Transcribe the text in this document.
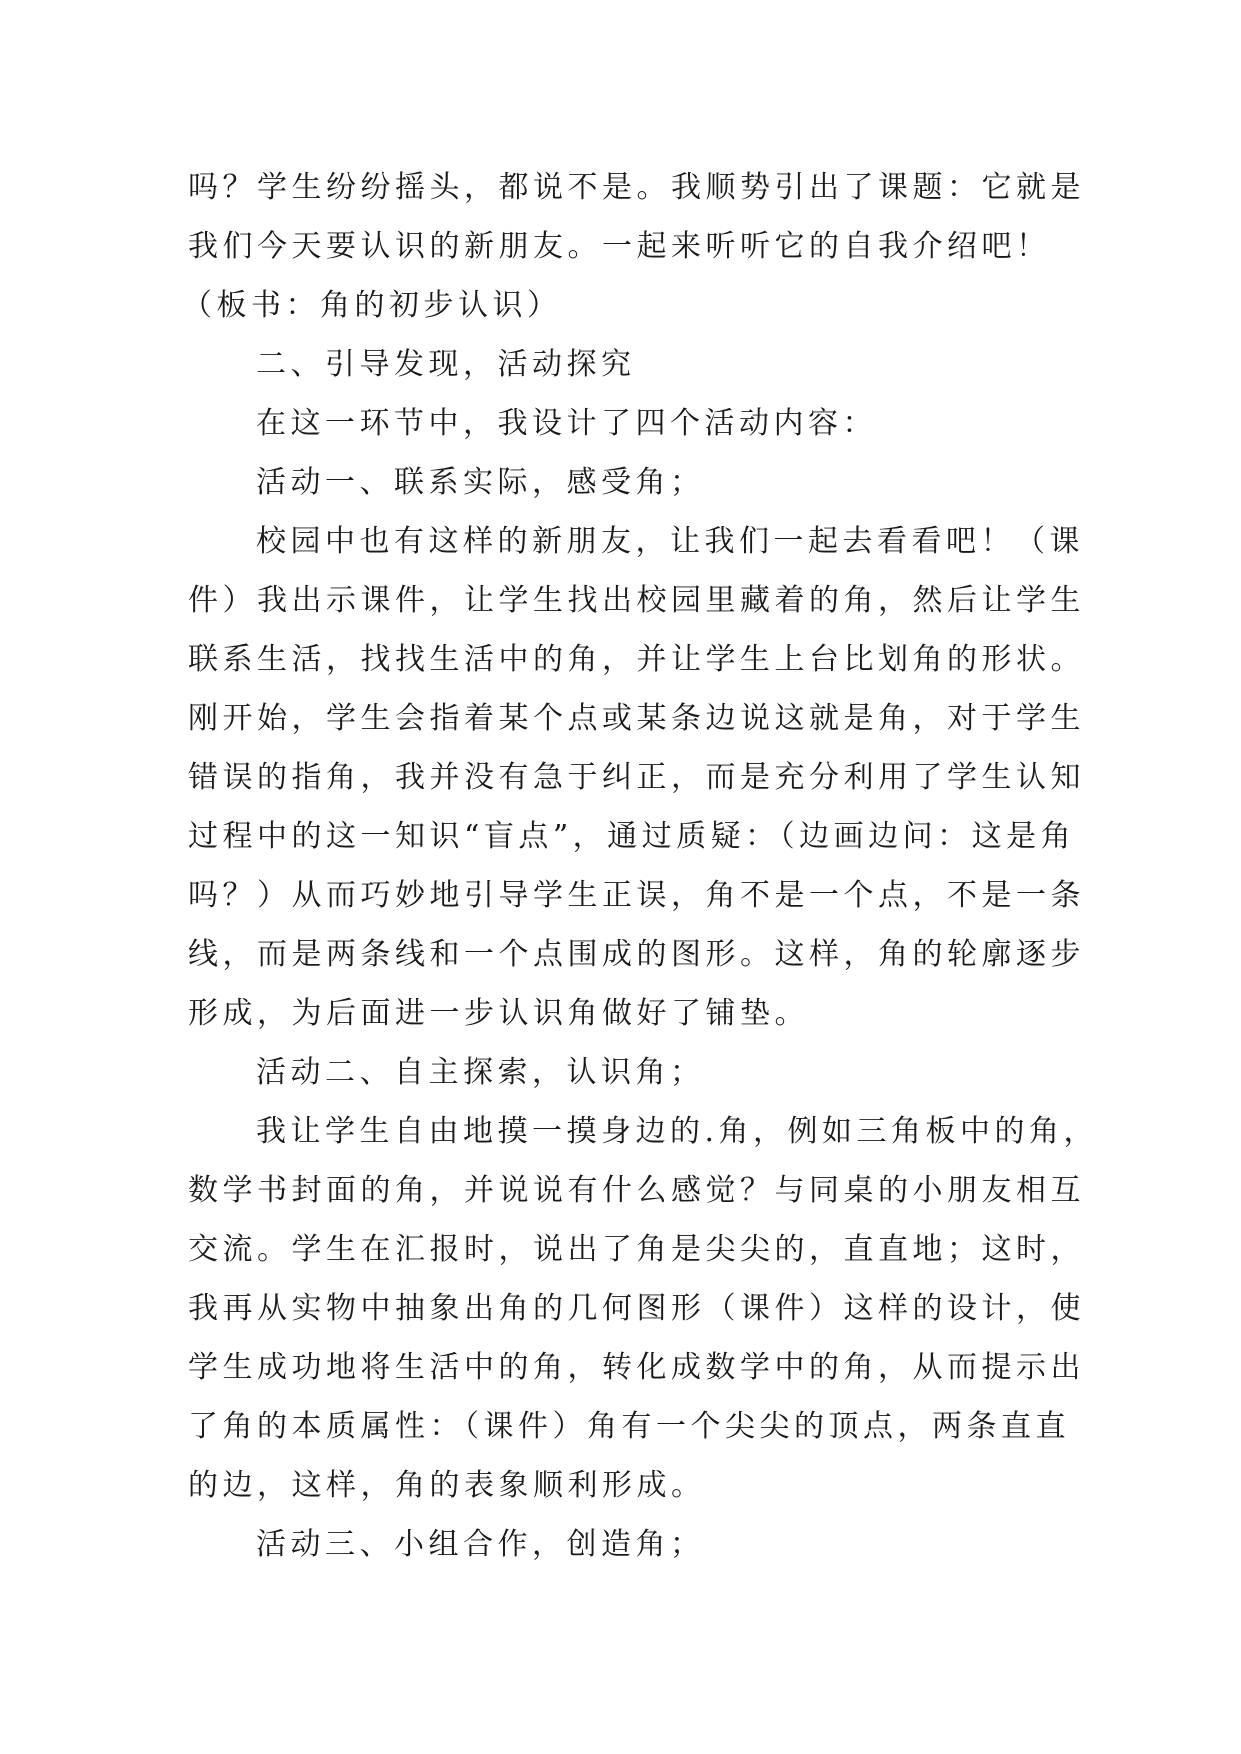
吗？学生纷纷摇头，都说不是。我顺势引出了课题：它就是
我们今天要认识的新朋友。一起来听听它的自我介绍吧！
（板书：角的初步认识）
二、引导发现，活动探究
在这一环节中，我设计了四个活动内容：
活动一、联系实际，感受角；
校园中也有这样的新朋友，让我们一起去看看吧！（课
件）我出示课件，让学生找出校园里藏着的角，然后让学生
联系生活，找找生活中的角，并让学生上台比划角的形状。
刚开始，学生会指着某个点或某条边说这就是角，对于学生
错误的指角，我并没有急于纠正，而是充分利用了学生认知
过程中的这一知识“盲点”，通过质疑：（边画边问：这是角
吗？）从而巧妙地引导学生正误，角不是一个点，不是一条
线，而是两条线和一个点围成的图形。这样，角的轮廓逐步
形成，为后面进一步认识角做好了铺垫。
活动二、自主探索，认识角；
我让学生自由地摸一摸身边的.角，例如三角板中的角，
数学书封面的角，并说说有什么感觉？与同桌的小朋友相互
交流。学生在汇报时，说出了角是尖尖的，直直地；这时，
我再从实物中抽象出角的几何图形（课件）这样的设计，使
学生成功地将生活中的角，转化成数学中的角，从而提示出
了角的本质属性：（课件）角有一个尖尖的顶点，两条直直
的边，这样，角的表象顺利形成。
活动三、小组合作，创造角；
